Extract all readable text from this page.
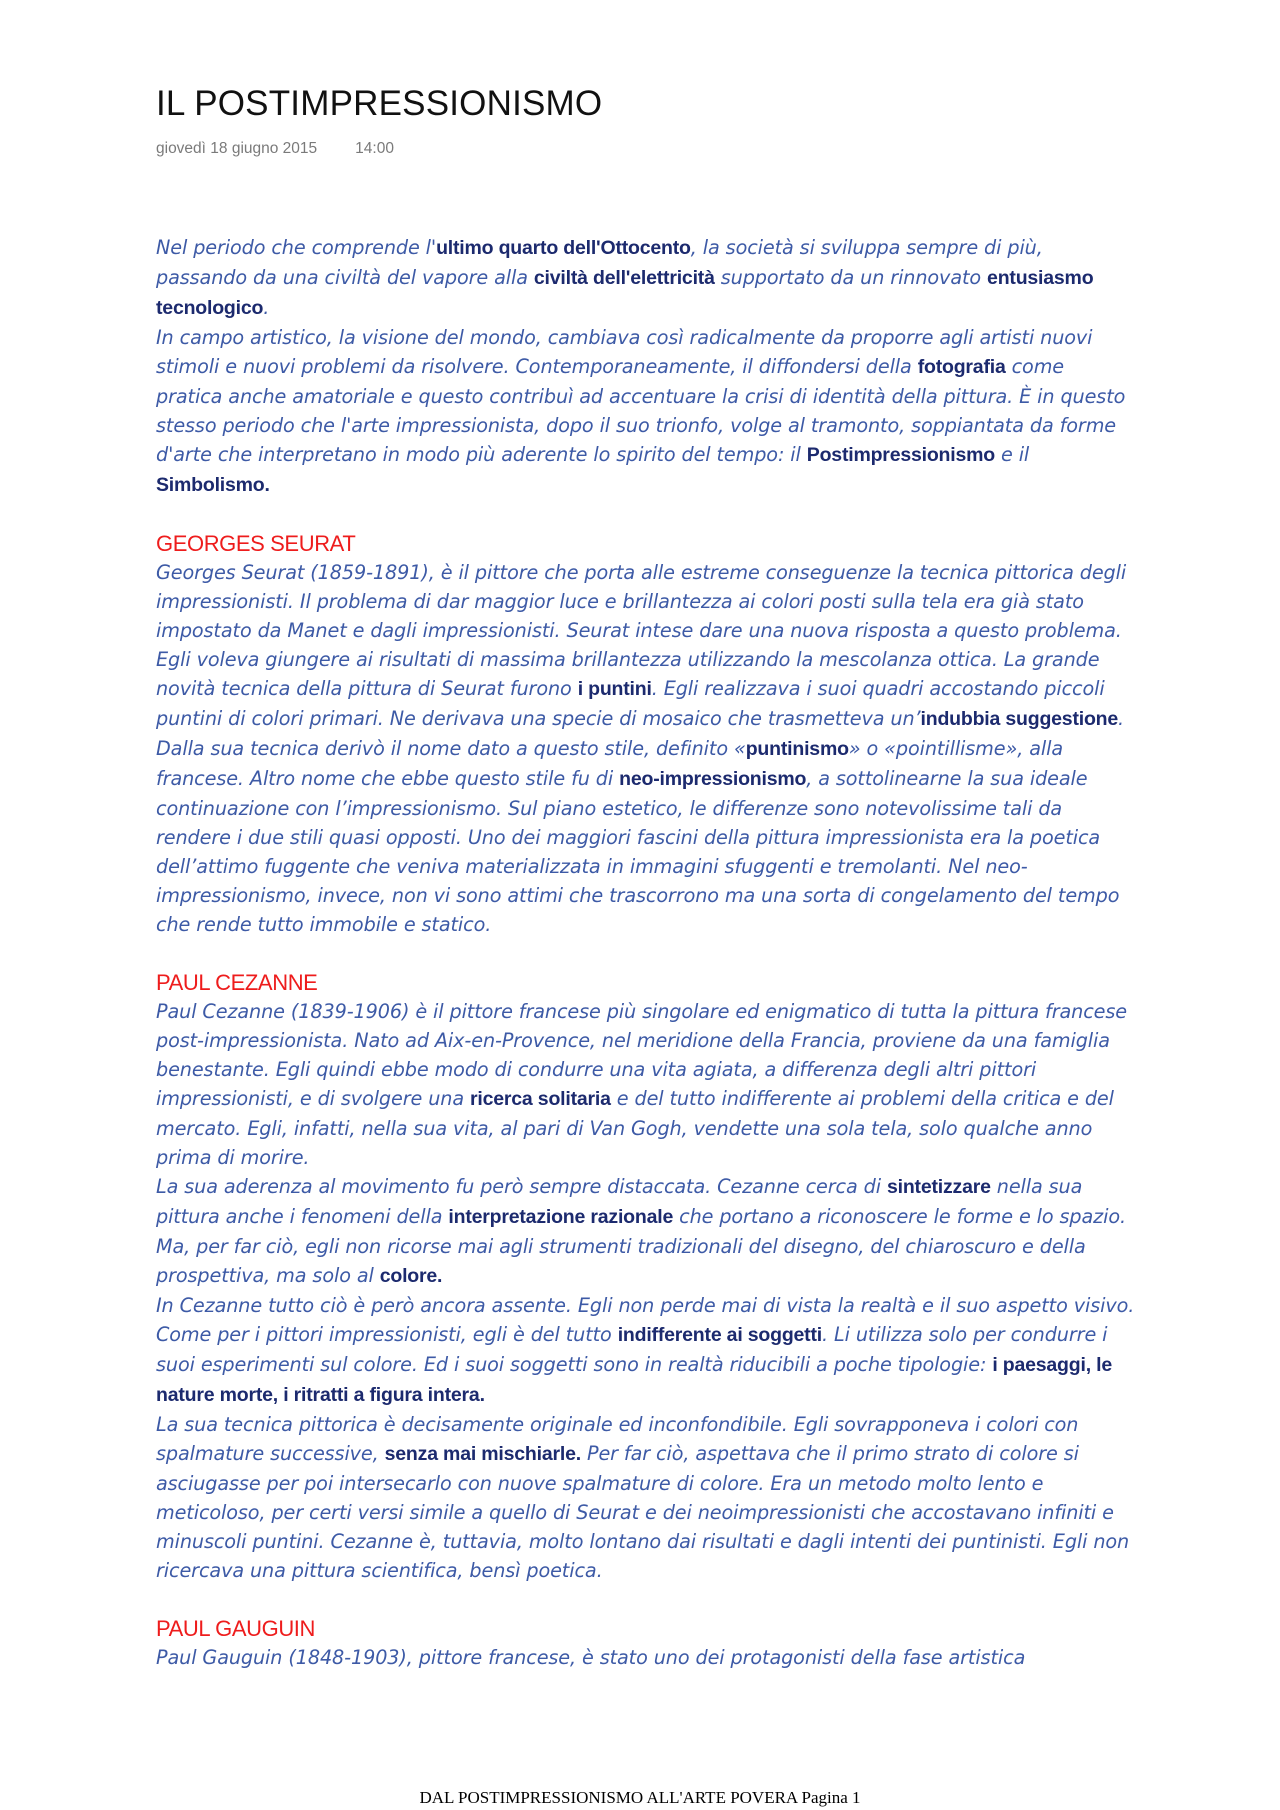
IL POSTIMPRESSIONISMO
giovedì 18 giugno 2015 14:00

Nel periodo che comprende l'ultimo quarto dell'Ottocento, la società si sviluppa sempre di più, passando da una civiltà del vapore alla civiltà dell'elettricità supportato da un rinnovato entusiasmo tecnologico.

In campo artistico, la visione del mondo, cambiava così radicalmente da proporre agli artisti nuovi stimoli e nuovi problemi da risolvere. Contemporaneamente, il diffondersi della fotografia come pratica anche amatoriale e questo contribuì ad accentuare la crisi di identità della pittura. È in questo stesso periodo che l'arte impressionista, dopo il suo trionfo, volge al tramonto, soppiantata da forme d'arte che interpretano in modo più aderente lo spirito del tempo: il Postimpressionismo e il Simbolismo.

GEORGES SEURAT

Georges Seurat (1859-1891), è il pittore che porta alle estreme conseguenze la tecnica pittorica degli impressionisti. Il problema di dar maggior luce e brillantezza ai colori posti sulla tela era già stato impostato da Manet e dagli impressionisti. Seurat intese dare una nuova risposta a questo problema. Egli voleva giungere ai risultati di massima brillantezza utilizzando la mescolanza ottica. La grande novità tecnica della pittura di Seurat furono i puntini. Egli realizzava i suoi quadri accostando piccoli puntini di colori primari. Ne derivava una specie di mosaico che trasmetteva un’indubbia suggestione. Dalla sua tecnica derivò il nome dato a questo stile, definito «puntinismo» o «pointillisme», alla francese. Altro nome che ebbe questo stile fu di neo-impressionismo, a sottolinearne la sua ideale continuazione con l’impressionismo. Sul piano estetico, le differenze sono notevolissime tali da rendere i due stili quasi opposti. Uno dei maggiori fascini della pittura impressionista era la poetica dell’attimo fuggente che veniva materializzata in immagini sfuggenti e tremolanti. Nel neo-impressionismo, invece, non vi sono attimi che trascorrono ma una sorta di congelamento del tempo che rende tutto immobile e statico.

PAUL CEZANNE

Paul Cezanne (1839-1906) è il pittore francese più singolare ed enigmatico di tutta la pittura francese post-impressionista. Nato ad Aix-en-Provence, nel meridione della Francia, proviene da una famiglia benestante. Egli quindi ebbe modo di condurre una vita agiata, a differenza degli altri pittori impressionisti, e di svolgere una ricerca solitaria e del tutto indifferente ai problemi della critica e del mercato. Egli, infatti, nella sua vita, al pari di Van Gogh, vendette una sola tela, solo qualche anno prima di morire.

La sua aderenza al movimento fu però sempre distaccata. Cezanne cerca di sintetizzare nella sua pittura anche i fenomeni della interpretazione razionale che portano a riconoscere le forme e lo spazio. Ma, per far ciò, egli non ricorse mai agli strumenti tradizionali del disegno, del chiaroscuro e della prospettiva, ma solo al colore.

In Cezanne tutto ciò è però ancora assente. Egli non perde mai di vista la realtà e il suo aspetto visivo. Come per i pittori impressionisti, egli è del tutto indifferente ai soggetti. Li utilizza solo per condurre i suoi esperimenti sul colore. Ed i suoi soggetti sono in realtà riducibili a poche tipologie: i paesaggi, le nature morte, i ritratti a figura intera.

La sua tecnica pittorica è decisamente originale ed inconfondibile. Egli sovrapponeva i colori con spalmature successive, senza mai mischiarle. Per far ciò, aspettava che il primo strato di colore si asciugasse per poi intersecarlo con nuove spalmature di colore. Era un metodo molto lento e meticoloso, per certi versi simile a quello di Seurat e dei neoimpressionisti che accostavano infiniti e minuscoli puntini. Cezanne è, tuttavia, molto lontano dai risultati e dagli intenti dei puntinisti. Egli non ricercava una pittura scientifica, bensì poetica.

PAUL GAUGUIN

Paul Gauguin (1848-1903), pittore francese, è stato uno dei protagonisti della fase artistica

DAL POSTIMPRESSIONISMO ALL'ARTE POVERA Pagina 1
